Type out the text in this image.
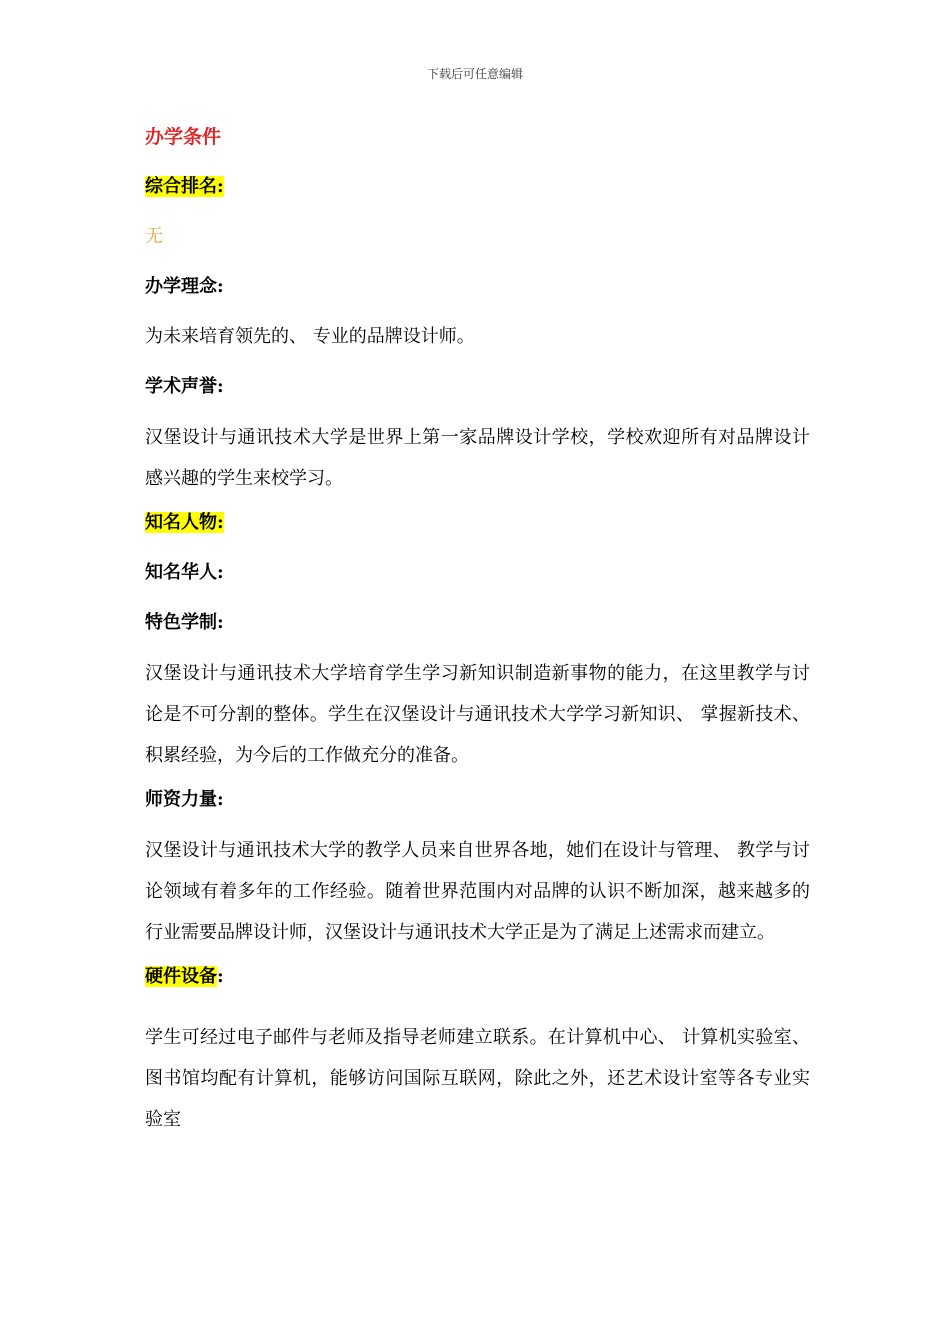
下载后可任意编辑
办学条件
综合排名:
无
办学理念:
为未来培育领先的、 专业的品牌设计师。
学术声誉:
汉堡设计与通讯技术大学是世界上第一家品牌设计学校，学校欢迎所有对品牌设计感兴趣的学生来校学习。
知名人物:
知名华人:
特色学制:
汉堡设计与通讯技术大学培育学生学习新知识制造新事物的能力，在这里教学与讨论是不可分割的整体。学生在汉堡设计与通讯技术大学学习新知识、 掌握新技术、 积累经验，为今后的工作做充分的准备。
师资力量:
汉堡设计与通讯技术大学的教学人员来自世界各地，她们在设计与管理、 教学与讨论领域有着多年的工作经验。随着世界范围内对品牌的认识不断加深，越来越多的行业需要品牌设计师，汉堡设计与通讯技术大学正是为了满足上述需求而建立。
硬件设备:
学生可经过电子邮件与老师及指导老师建立联系。在计算机中心、 计算机实验室、 图书馆均配有计算机，能够访问国际互联网，除此之外，还艺术设计室等各专业实验室
